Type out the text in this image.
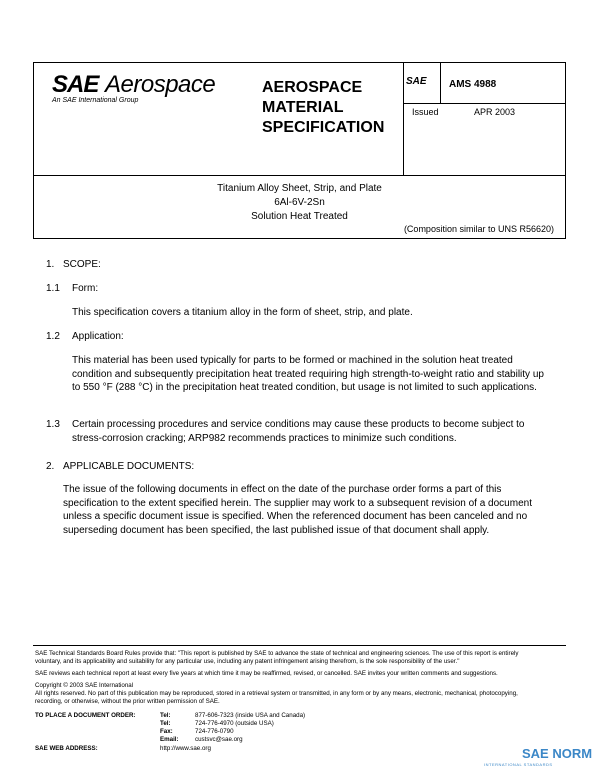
SAE Aerospace
An SAE International Group
AEROSPACE
MATERIAL
SPECIFICATION
SAE AMS 4988
Issued	APR 2003
Titanium Alloy Sheet, Strip, and Plate
6Al-6V-2Sn
Solution Heat Treated
(Composition similar to UNS R56620)
1. SCOPE:
1.1 Form:
This specification covers a titanium alloy in the form of sheet, strip, and plate.
1.2 Application:
This material has been used typically for parts to be formed or machined in the solution heat treated condition and subsequently precipitation heat treated requiring high strength-to-weight ratio and stability up to 550 °F (288 °C) in the precipitation heat treated condition, but usage is not limited to such applications.
1.3 Certain processing procedures and service conditions may cause these products to become subject to stress-corrosion cracking; ARP982 recommends practices to minimize such conditions.
2. APPLICABLE DOCUMENTS:
The issue of the following documents in effect on the date of the purchase order forms a part of this specification to the extent specified herein. The supplier may work to a subsequent revision of a document unless a specific document issue is specified. When the referenced document has been canceled and no superseding document has been specified, the last published issue of that document shall apply.
SAE Technical Standards Board Rules provide that: "This report is published by SAE to advance the state of technical and engineering sciences. The use of this report is entirely
voluntary, and its applicability and suitability for any particular use, including any patent infringement arising therefrom, is the sole responsibility of the user."
SAE reviews each technical report at least every five years at which time it may be reaffirmed, revised, or cancelled. SAE invites your written comments and suggestions.
Copyright © 2003 SAE International
All rights reserved. No part of this publication may be reproduced, stored in a retrieval system or transmitted, in any form or by any means, electronic, mechanical, photocopying,
recording, or otherwise, without the prior written permission of SAE.
TO PLACE A DOCUMENT ORDER:	Tel:	877-606-7323 (inside USA and Canada)
Tel:	724-776-4970 (outside USA)
Fax:	724-776-0790
Email:	custsvc@sae.org
SAE WEB ADDRESS:	http://www.sae.org	SAE NORM
INTERNATIONAL STANDARDS
